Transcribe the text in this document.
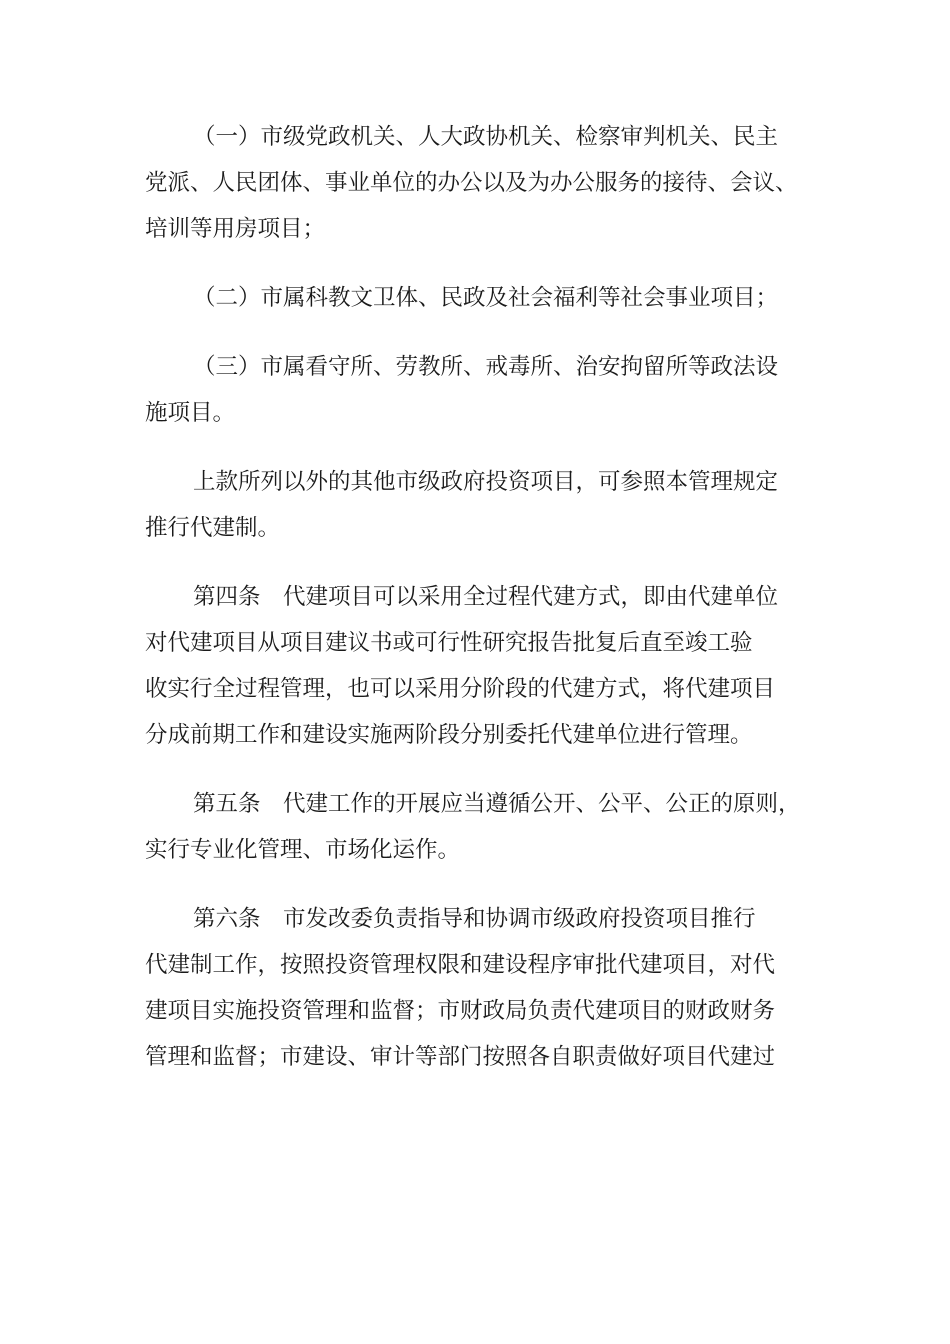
（一）市级党政机关、人大政协机关、检察审判机关、民主
党派、人民团体、事业单位的办公以及为办公服务的接待、会议、
培训等用房项目；
（二）市属科教文卫体、民政及社会福利等社会事业项目；
（三）市属看守所、劳教所、戒毒所、治安拘留所等政法设
施项目。
上款所列以外的其他市级政府投资项目，可参照本管理规定
推行代建制。
第四条　代建项目可以采用全过程代建方式，即由代建单位
对代建项目从项目建议书或可行性研究报告批复后直至竣工验
收实行全过程管理，也可以采用分阶段的代建方式，将代建项目
分成前期工作和建设实施两阶段分别委托代建单位进行管理。
第五条　代建工作的开展应当遵循公开、公平、公正的原则，
实行专业化管理、市场化运作。
第六条　市发改委负责指导和协调市级政府投资项目推行
代建制工作，按照投资管理权限和建设程序审批代建项目，对代
建项目实施投资管理和监督；市财政局负责代建项目的财政财务
管理和监督；市建设、审计等部门按照各自职责做好项目代建过
